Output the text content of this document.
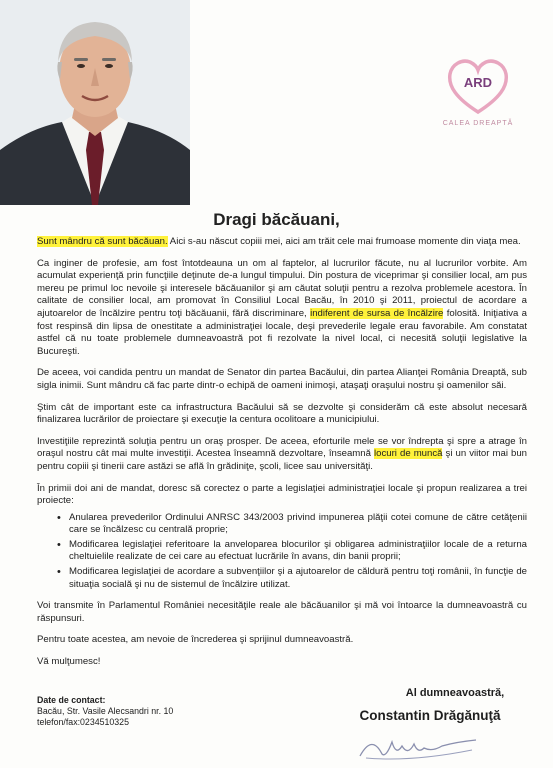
ARD
CALEA DREAPTĂ
Dragi băcăuani,

Sunt mândru că sunt băcăuan. Aici s-au născut copiii mei, aici am trăit cele mai frumoase momente din viaţa mea.

Ca inginer de profesie, am fost întotdeauna un om al faptelor, al lucrurilor făcute, nu al lucrurilor vorbite. Am acumulat experienţă prin funcţiile deţinute de-a lungul timpului. Din postura de viceprimar şi consilier local, am pus mereu pe primul loc nevoile şi interesele băcăuanilor şi am căutat soluţii pentru a rezolva problemele acestora. În calitate de consilier local, am promovat în Consiliul Local Bacău, în 2010 şi 2011, proiectul de acordare a ajutoarelor de încălzire pentru toţi băcăuanii, fără discriminare, indiferent de sursa de încălzire folosită. Iniţiativa a fost respinsă din lipsa de onestitate a administraţiei locale, deşi prevederile legale erau favorabile. Am constatat astfel că nu toate problemele dumneavoastră pot fi rezolvate la nivel local, ci necesită soluţii legislative la Bucureşti.

De aceea, voi candida pentru un mandat de Senator din partea Bacăului, din partea Alianţei România Dreaptă, sub sigla inimii. Sunt mândru că fac parte dintr-o echipă de oameni inimoşi, ataşaţi oraşului nostru şi oamenilor săi.

Ştim cât de important este ca infrastructura Bacăului să se dezvolte şi considerăm că este absolut necesară finalizarea lucrărilor de proiectare şi execuţie la centura ocolitoare a municipiului.

Investiţiile reprezintă soluţia pentru un oraş prosper. De aceea, eforturile mele se vor îndrepta şi spre a atrage în oraşul nostru cât mai multe investiţii. Acestea înseamnă dezvoltare, înseamnă locuri de muncă şi un viitor mai bun pentru copiii şi tinerii care astăzi se află în grădiniţe, şcoli, licee sau universităţi.

În primii doi ani de mandat, doresc să corectez o parte a legislaţiei administraţiei locale şi propun realizarea a trei proiecte:

• Anularea prevederilor Ordinului ANRSC 343/2003 privind impunerea plăţii cotei comune de către cetăţenii care se încălzesc cu centrală proprie;
• Modificarea legislaţiei referitoare la anveloparea blocurilor şi obligarea administraţiilor locale de a returna cheltuielile realizate de cei care au efectuat lucrările în avans, din banii proprii;
• Modificarea legislaţiei de acordare a subvenţiilor şi a ajutoarelor de căldură pentru toţi românii, în funcţie de situaţia socială şi nu de sistemul de încălzire utilizat.

Voi transmite în Parlamentul României necesităţile reale ale băcăuanilor şi mă voi întoarce la dumneavoastră cu răspunsuri.

Pentru toate acestea, am nevoie de încrederea şi sprijinul dumneavoastră.

Vă mulţumesc!

Date de contact:
Bacău, Str. Vasile Alecsandri nr. 10
telefon/fax:0234510325
Al dumneavoastră,
Constantin Drăgănuţă
